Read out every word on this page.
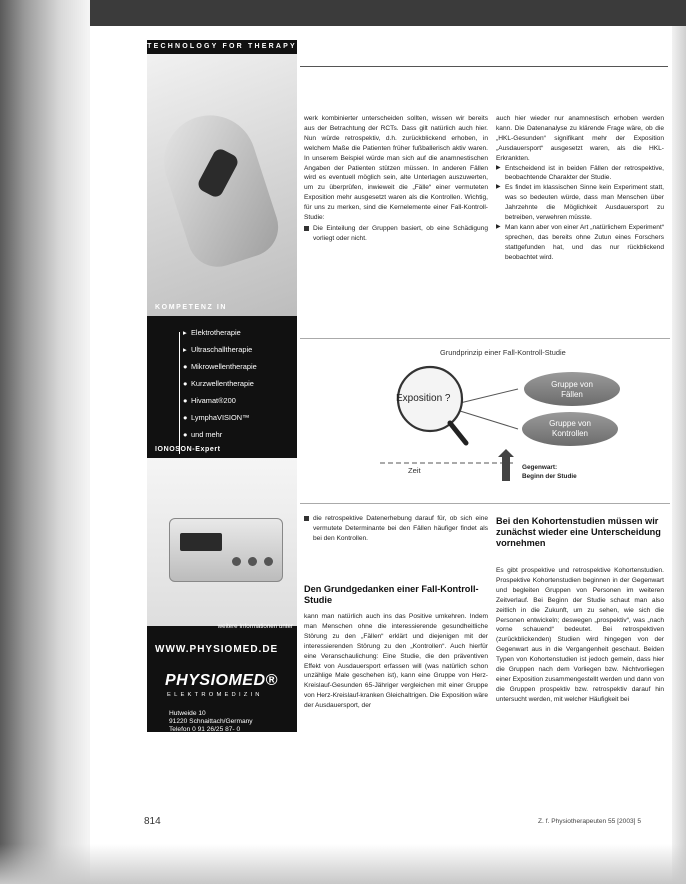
TECHNOLOGY FOR THERAPY
KOMPETENZ IN
▸ Elektrotherapie
▸ Ultraschalltherapie
● Mikrowellentherapie
● Kurzwellentherapie
● Hivamat®200
● LymphaVISION™
● und mehr
IONOSON-Expert
weitere Informationen unter
WWW.PHYSIOMED.DE
PHYSIOMED®
ELEKTROMEDIZIN
Hutweide 10
91220 Schnaittach/Germany
Telefon 0 91 26/25 87- 0
Fax 0 91 26/25 87-25

werk kombinierter unterscheiden sollten, wissen wir bereits aus der Betrachtung der RCTs. Dass gilt natürlich auch hier. Nun würde retrospektiv, d.h. zurückblickend erhoben, in welchem Maße die Patienten früher fußballerisch aktiv waren. In unserem Beispiel würde man sich auf die anamnestischen Angaben der Patienten stützen müssen. In anderen Fällen wird es eventuell möglich sein, alte Unterlagen auszuwerten, um zu überprüfen, inwieweit die „Fälle“ einer vermuteten Exposition mehr ausgesetzt waren als die Kontrollen. Wichtig, für uns zu merken, sind die Kernelemente einer Fall-Kontroll-Studie:

Die Einteilung der Gruppen basiert, ob eine Schädigung vorliegt oder nicht.

auch hier wieder nur anamnestisch erhoben werden kann. Die Datenanalyse zu klärende Frage wäre, ob die „HKL-Gesunden“ signifikant mehr der Exposition „Ausdauersport“ ausgesetzt waren, als die HKL-Erkrankten.

▶ Entscheidend ist in beiden Fällen der retrospektive, beobachtende Charakter der Studie.

▶ Es findet im klassischen Sinne kein Experiment statt, was so bedeuten würde, dass man Menschen über Jahrzehnte die Möglichkeit Ausdauersport zu betreiben, verwehren müsste.

▶ Man kann aber von einer Art „natürlichem Experiment“ sprechen, das bereits ohne Zutun eines Forschers stattgefunden hat, und das nur rückblickend beobachtet wird.

Grundprinzip einer Fall-Kontroll-Studie
Gruppe von Fällen
Gruppe von Kontrollen
Exposition ?
Zeit	Gegenwart:
Beginn der Studie

die retrospektive Datenerhebung darauf für, ob sich eine vermutete Determinante bei den Fällen häufiger findet als bei den Kontrollen.

Den Grundgedanken einer Fall-Kontroll-Studie

kann man natürlich auch ins das Positive umkehren. Indem man Menschen ohne die interessierende gesundheitliche Störung zu den „Fällen“ erklärt und diejenigen mit der interessierenden Störung zu den „Kontrollen“. Auch hierfür eine Veranschaulichung: Eine Studie, die den präventiven Effekt von Ausdauersport erfassen will (was natürlich schon unzählige Male geschehen ist), kann eine Gruppe von Herz-Kreislauf-Gesunden 65-Jähriger vergleichen mit einer Gruppe von Herz-Kreislauf-kranken Gleichaltrigen. Die Exposition wäre der Ausdauersport, der

Bei den Kohortenstudien müssen wir zunächst wieder eine Unterscheidung vornehmen

Es gibt prospektive und retrospektive Kohortenstudien. Prospektive Kohortenstudien beginnen in der Gegenwart und begleiten Gruppen von Personen im weiteren Zeitverlauf. Bei Beginn der Studie schaut man also zeitlich in die Zukunft, um zu sehen, wie sich die Personen entwickeln; deswegen „prospektiv“, was „nach vorne schauend“ bedeutet. Bei retrospektiven (zurückblickenden) Studien wird hingegen von der Gegenwart aus in die Vergangenheit geschaut. Beiden Typen von Kohortenstudien ist jedoch gemein, dass hier die Gruppen nach dem Vorliegen bzw. Nichtvorliegen einer Exposition zusammengestellt werden und dann von die Gruppen prospektiv bzw. retrospektiv darauf hin untersucht werden, mit welcher Häufigkeit bei

814	Z. f. Physiotherapeuten 55 [2003] 5
